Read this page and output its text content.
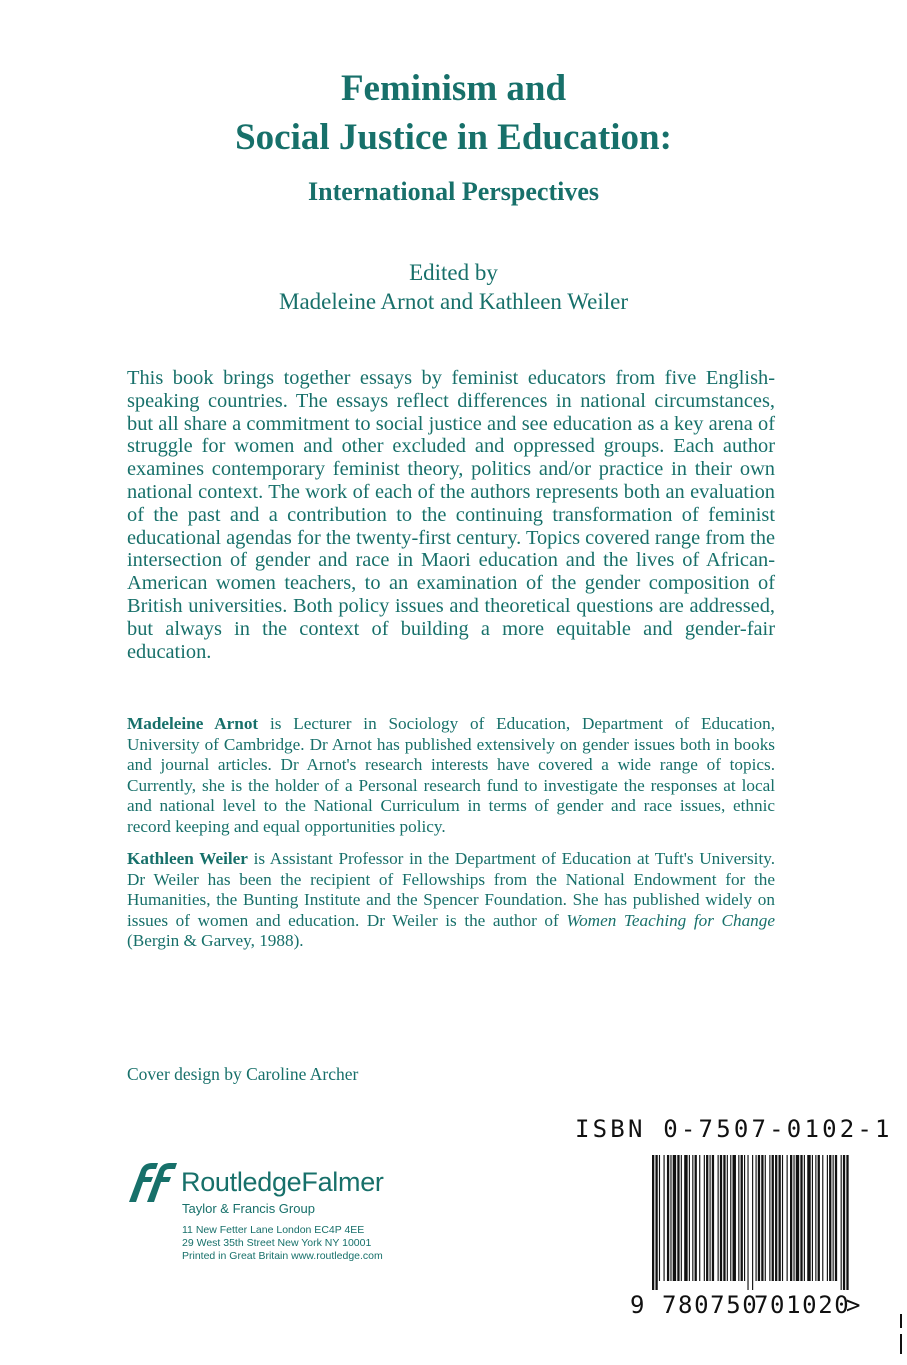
Feminism and
Social Justice in Education:
International Perspectives
Edited by
Madeleine Arnot and Kathleen Weiler
This book brings together essays by feminist educators from five English-speaking countries. The essays reflect differences in national circumstances, but all share a commitment to social justice and see education as a key arena of struggle for women and other excluded and oppressed groups. Each author examines contemporary feminist theory, politics and/or practice in their own national context. The work of each of the authors represents both an evaluation of the past and a contribution to the continuing transformation of feminist educational agendas for the twenty-first century. Topics covered range from the intersection of gender and race in Maori education and the lives of African-American women teachers, to an examination of the gender composition of British universities. Both policy issues and theoretical questions are addressed, but always in the context of building a more equitable and gender-fair education.
Madeleine Arnot is Lecturer in Sociology of Education, Department of Education, University of Cambridge. Dr Arnot has published extensively on gender issues both in books and journal articles. Dr Arnot's research interests have covered a wide range of topics. Currently, she is the holder of a Personal research fund to investigate the responses at local and national level to the National Curriculum in terms of gender and race issues, ethnic record keeping and equal opportunities policy.
Kathleen Weiler is Assistant Professor in the Department of Education at Tuft's University. Dr Weiler has been the recipient of Fellowships from the National Endowment for the Humanities, the Bunting Institute and the Spencer Foundation. She has published widely on issues of women and education. Dr Weiler is the author of Women Teaching for Change (Bergin & Garvey, 1988).
Cover design by Caroline Archer
ISBN 0-7507-0102-1
9 780750
701020
>
RoutledgeFalmer
Taylor & Francis Group
11 New Fetter Lane London EC4P 4EE
29 West 35th Street New York NY 10001
Printed in Great Britain www.routledge.com
